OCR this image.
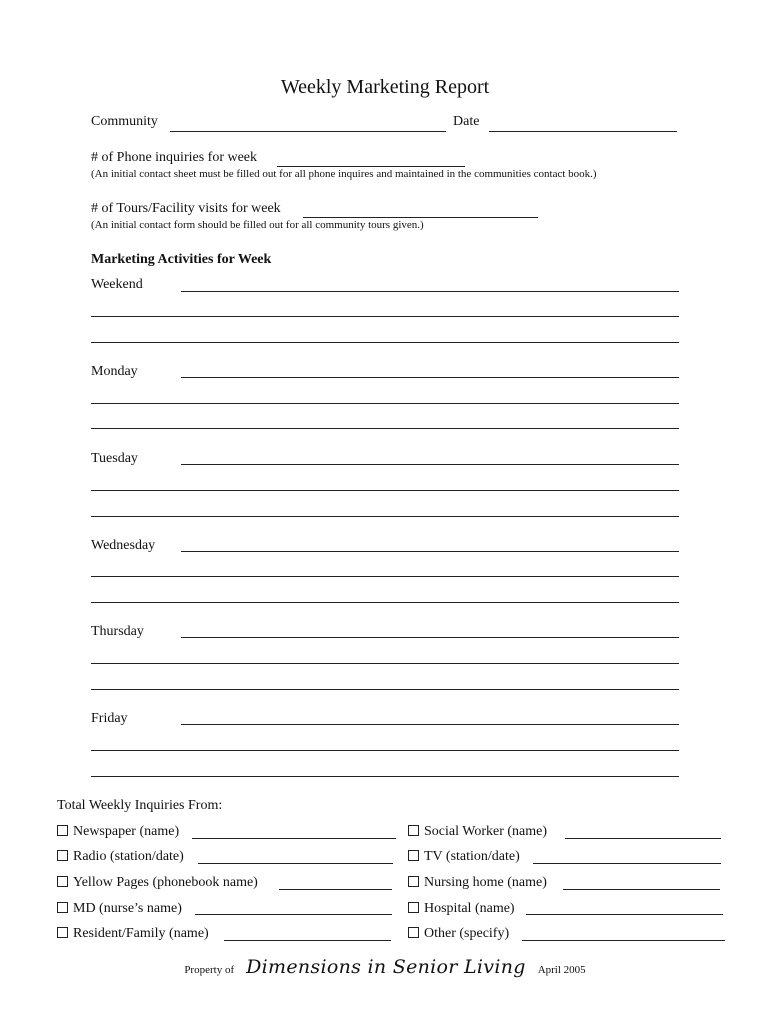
Weekly Marketing Report
Community	Date
# of Phone inquiries for week
(An initial contact sheet must be filled out for all phone inquires and maintained in the communities contact book.)
# of Tours/Facility visits for week
(An initial contact form should be filled out for all community tours given.)
Marketing Activities for Week
Weekend
Monday
Tuesday
Wednesday
Thursday
Friday
Total Weekly Inquiries From:
Newspaper (name)
Radio (station/date)
Yellow Pages (phonebook name)
MD (nurse’s name)
Resident/Family (name)
Social Worker (name)
TV (station/date)
Nursing home (name)
Hospital (name)
Other (specify)
Property of Dimensions in Senior Living April 2005
